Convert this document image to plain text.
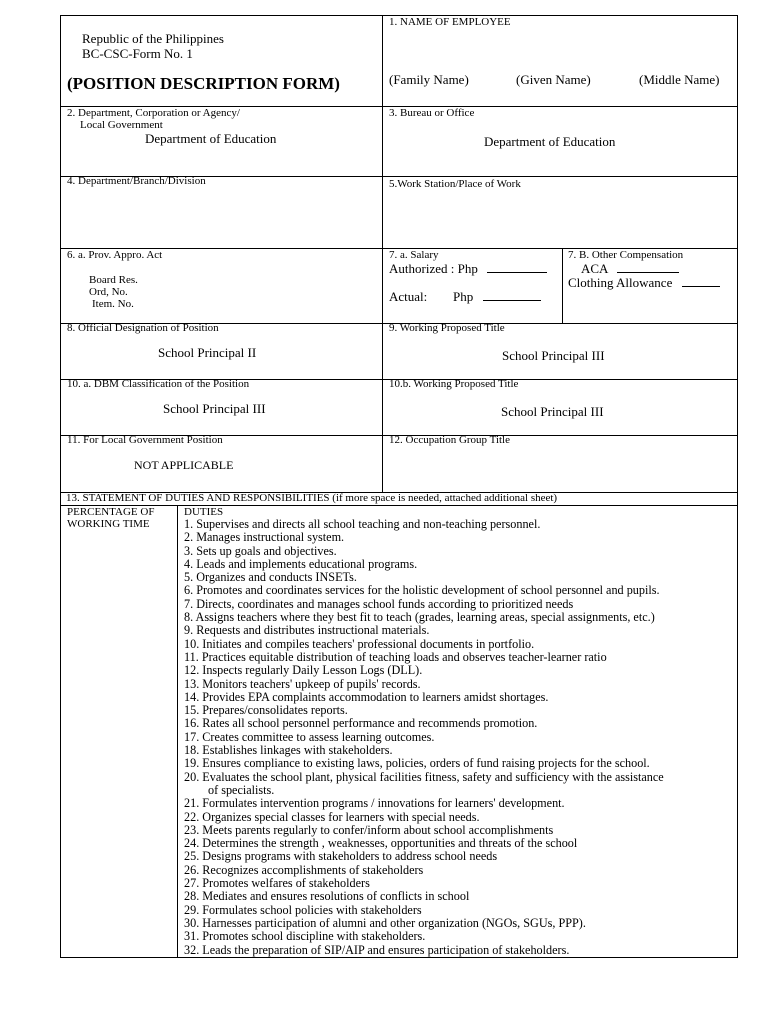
Republic of the Philippines
BC-CSC-Form No. 1
(POSITION DESCRIPTION FORM)
1. NAME OF EMPLOYEE
(Family Name)	(Given Name)	(Middle Name)
2. Department, Corporation or Agency/
Local Government
Department of Education
3. Bureau or Office
Department of Education
4. Department/Branch/Division	5.Work Station/Place of Work
6. a. Prov. Appro. Act
Board Res.
Ord, No.
Item. No.
7. a. Salary
Authorized : Php
Actual: Php
7. B. Other Compensation
ACA
Clothing Allowance
8. Official Designation of Position
School Principal II
9. Working Proposed Title
School Principal III
10. a. DBM Classification of the Position
School Principal III
10.b. Working Proposed Title
School Principal III
11. For Local Government Position
NOT APPLICABLE
12. Occupation Group Title
13. STATEMENT OF DUTIES AND RESPONSIBILITIES (if more space is needed, attached additional sheet)
PERCENTAGE OF
WORKING TIME
DUTIES
1. Supervises and directs all school teaching and non-teaching personnel.
2. Manages instructional system.
3. Sets up goals and objectives.
4. Leads and implements educational programs.
5. Organizes and conducts INSETs.
6. Promotes and coordinates services for the holistic development of school personnel and pupils.
7. Directs, coordinates and manages school funds according to prioritized needs
8. Assigns teachers where they best fit to teach (grades, learning areas, special assignments, etc.)
9. Requests and distributes instructional materials.
10. Initiates and compiles teachers' professional documents in portfolio.
11. Practices equitable distribution of teaching loads and observes teacher-learner ratio
12. Inspects regularly Daily Lesson Logs (DLL).
13. Monitors teachers' upkeep of pupils' records.
14. Provides EPA complaints accommodation to learners amidst shortages.
15. Prepares/consolidates reports.
16. Rates all school personnel performance and recommends promotion.
17. Creates committee to assess learning outcomes.
18. Establishes linkages with stakeholders.
19. Ensures compliance to existing laws, policies, orders of fund raising projects for the school.
20. Evaluates the school plant, physical facilities fitness, safety and sufficiency with the assistance
of specialists.
21. Formulates intervention programs / innovations for learners' development.
22. Organizes special classes for learners with special needs.
23. Meets parents regularly to confer/inform about school accomplishments
24. Determines the strength , weaknesses, opportunities and threats of the school
25. Designs programs with stakeholders to address school needs
26. Recognizes accomplishments of stakeholders
27. Promotes welfares of stakeholders
28. Mediates and ensures resolutions of conflicts in school
29. Formulates school policies with stakeholders
30. Harnesses participation of alumni and other organization (NGOs, SGUs, PPP).
31. Promotes school discipline with stakeholders.
32. Leads the preparation of SIP/AIP and ensures participation of stakeholders.
